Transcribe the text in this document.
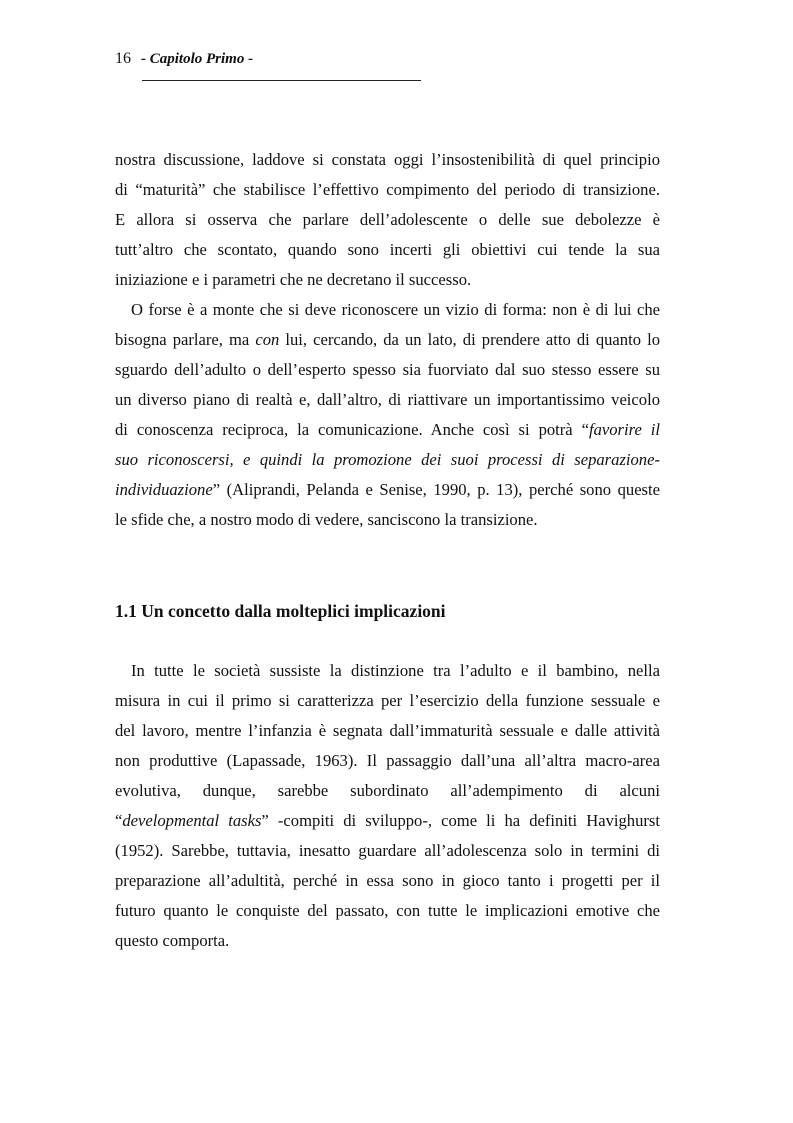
16 - Capitolo Primo -
nostra discussione, laddove si constata oggi l’insostenibilità di quel principio
di “maturità” che stabilisce l’effettivo compimento del periodo di transizione.
E allora si osserva che parlare dell’adolescente o delle sue debolezze è
tutt’altro che scontato, quando sono incerti gli obiettivi cui tende la sua
iniziazione e i parametri che ne decretano il successo.
O forse è a monte che si deve riconoscere un vizio di forma: non è di lui che
bisogna parlare, ma con lui, cercando, da un lato, di prendere atto di quanto lo
sguardo dell’adulto o dell’esperto spesso sia fuorviato dal suo stesso essere su
un diverso piano di realtà e, dall’altro, di riattivare un importantissimo veicolo
di conoscenza reciproca, la comunicazione. Anche così si potrà “favorire il
suo riconoscersi, e quindi la promozione dei suoi processi di separazione-
individuazione” (Aliprandi, Pelanda e Senise, 1990, p. 13), perché sono queste
le sfide che, a nostro modo di vedere, sanciscono la transizione.
1.1 Un concetto dalla molteplici implicazioni
In tutte le società sussiste la distinzione tra l’adulto e il bambino, nella
misura in cui il primo si caratterizza per l’esercizio della funzione sessuale e
del lavoro, mentre l’infanzia è segnata dall’immaturità sessuale e dalle attività
non produttive (Lapassade, 1963). Il passaggio dall’una all’altra macro-area
evolutiva, dunque, sarebbe subordinato all’adempimento di alcuni
“developmental tasks” -compiti di sviluppo-, come li ha definiti Havighurst
(1952). Sarebbe, tuttavia, inesatto guardare all’adolescenza solo in termini di
preparazione all’adultità, perché in essa sono in gioco tanto i progetti per il
futuro quanto le conquiste del passato, con tutte le implicazioni emotive che
questo comporta.
